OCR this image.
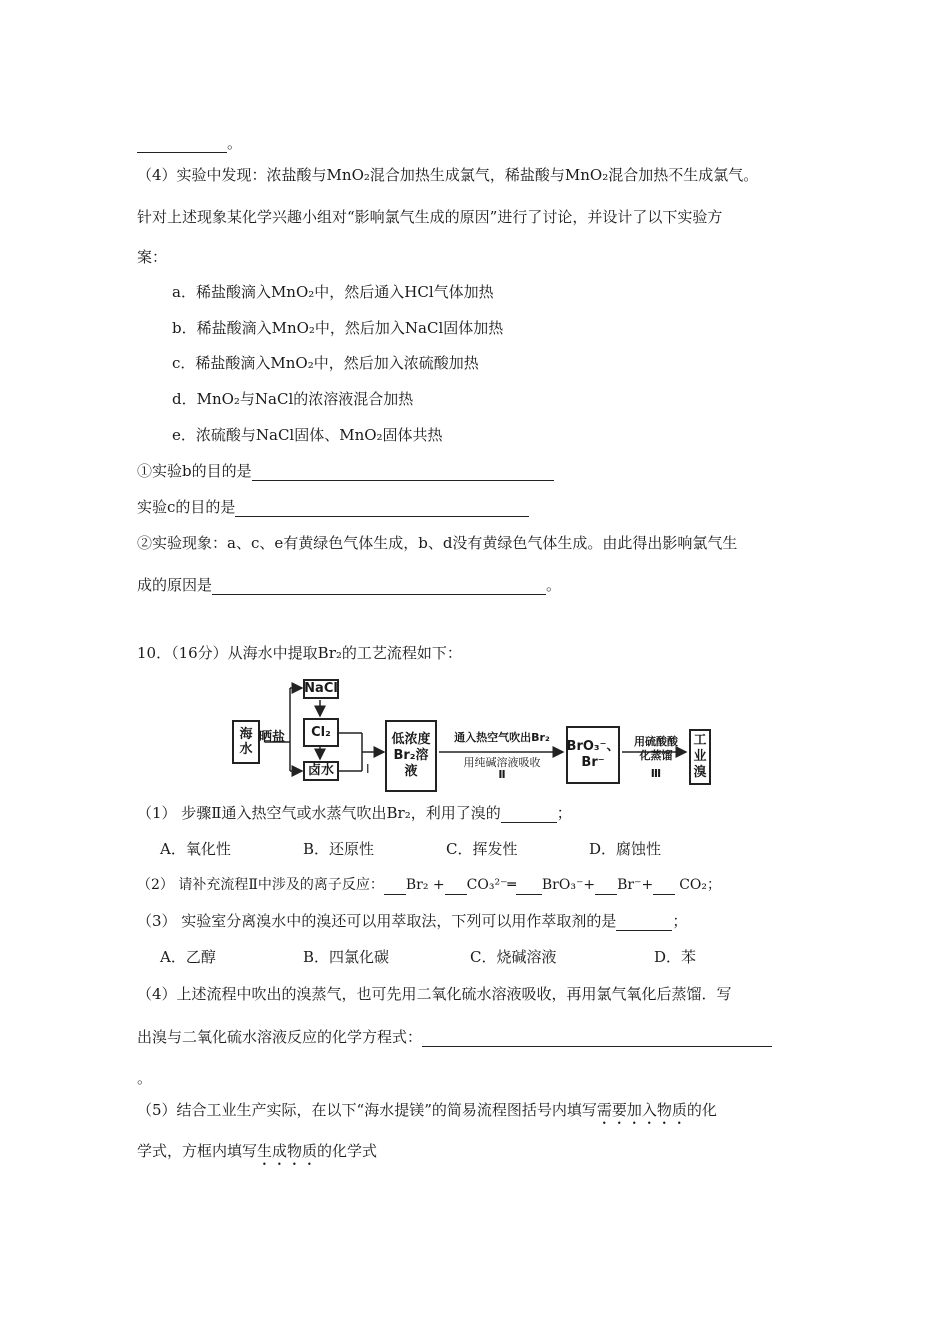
。
（4）实验中发现：浓盐酸与MnO₂混合加热生成氯气，稀盐酸与MnO₂混合加热不生成氯气。
针对上述现象某化学兴趣小组对“影响氯气生成的原因”进行了讨论，并设计了以下实验方
案：
a．稀盐酸滴入MnO₂中，然后通入HCl气体加热
b．稀盐酸滴入MnO₂中，然后加入NaCl固体加热
c．稀盐酸滴入MnO₂中，然后加入浓硫酸加热
d．MnO₂与NaCl的浓溶液混合加热
e．浓硫酸与NaCl固体、MnO₂固体共热
①实验b的目的是
实验c的目的是
②实验现象：a、c、e有黄绿色气体生成，b、d没有黄绿色气体生成。由此得出影响氯气生
成的原因是	。
10．（16分）从海水中提取Br₂的工艺流程如下：
海水
晒盐
NaCl
Cl₂
卤水	Ⅰ
低浓度Br₂溶液
通入热空气吹出Br₂
用纯碱溶液吸收
Ⅱ
BrO₃⁻、Br⁻
用硫酸酸
化蒸馏
Ⅲ
工业溴
（1） 步骤Ⅱ通入热空气或水蒸气吹出Br₂，利用了溴的	；
A．氧化性	B．还原性	C．挥发性	D．腐蚀性
（2） 请补充流程Ⅱ中涉及的离子反应： Br₂ + CO₃²⁻═ BrO₃⁻+ Br⁻+ CO₂；
（3） 实验室分离溴水中的溴还可以用萃取法，下列可以用作萃取剂的是	；
A．乙醇	B．四氯化碳	C．烧碱溶液	D．苯
（4）上述流程中吹出的溴蒸气，也可先用二氧化硫水溶液吸收，再用氯气氧化后蒸馏．写
出溴与二氧化硫水溶液反应的化学方程式：
。
（5）结合工业生产实际，在以下“海水提镁”的简易流程图括号内填写需要加入物质的化
学式，方框内填写生成物质的化学式
